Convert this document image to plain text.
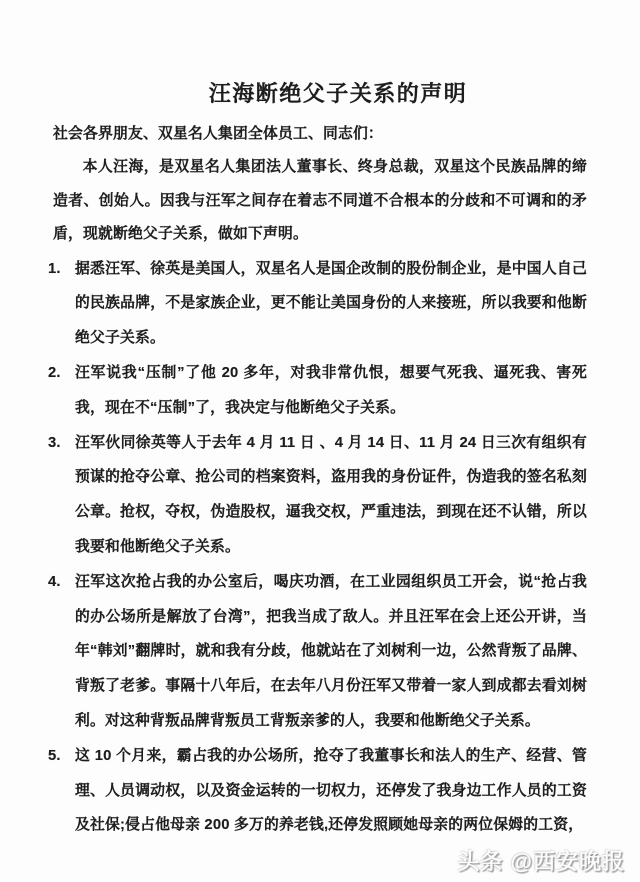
汪海断绝父子关系的声明

社会各界朋友、双星名人集团全体员工、同志们：

本人汪海，是双星名人集团法人董事长、终身总裁，双星这个民族品牌的缔造者、创始人。因我与汪军之间存在着志不同道不合根本的分歧和不可调和的矛盾，现就断绝父子关系，做如下声明。

1. 据悉汪军、徐英是美国人，双星名人是国企改制的股份制企业，是中国人自己的民族品牌，不是家族企业，更不能让美国身份的人来接班，所以我要和他断绝父子关系。
2. 汪军说我“压制”了他 20 多年，对我非常仇恨，想要气死我、逼死我、害死我，现在不“压制”了，我决定与他断绝父子关系。
3. 汪军伙同徐英等人于去年 4 月 11 日 、4 月 14 日、11 月 24 日三次有组织有预谋的抢夺公章、抢公司的档案资料，盗用我的身份证件，伪造我的签名私刻公章。抢权，夺权，伪造股权，逼我交权，严重违法，到现在还不认错，所以我要和他断绝父子关系。
4. 汪军这次抢占我的办公室后，喝庆功酒，在工业园组织员工开会，说“抢占我的办公场所是解放了台湾”，把我当成了敌人。并且汪军在会上还公开讲，当年“韩刘”翻牌时，就和我有分歧，他就站在了刘树利一边，公然背叛了品牌、背叛了老爹。事隔十八年后，在去年八月份汪军又带着一家人到成都去看刘树利。对这种背叛品牌背叛员工背叛亲爹的人，我要和他断绝父子关系。
5. 这 10 个月来，霸占我的办公场所，抢夺了我董事长和法人的生产、经营、管理、人员调动权，以及资金运转的一切权力，还停发了我身边工作人员的工资及社保;侵占他母亲 200 多万的养老钱,还停发照顾她母亲的两位保姆的工资，
头条 @西安晚报
